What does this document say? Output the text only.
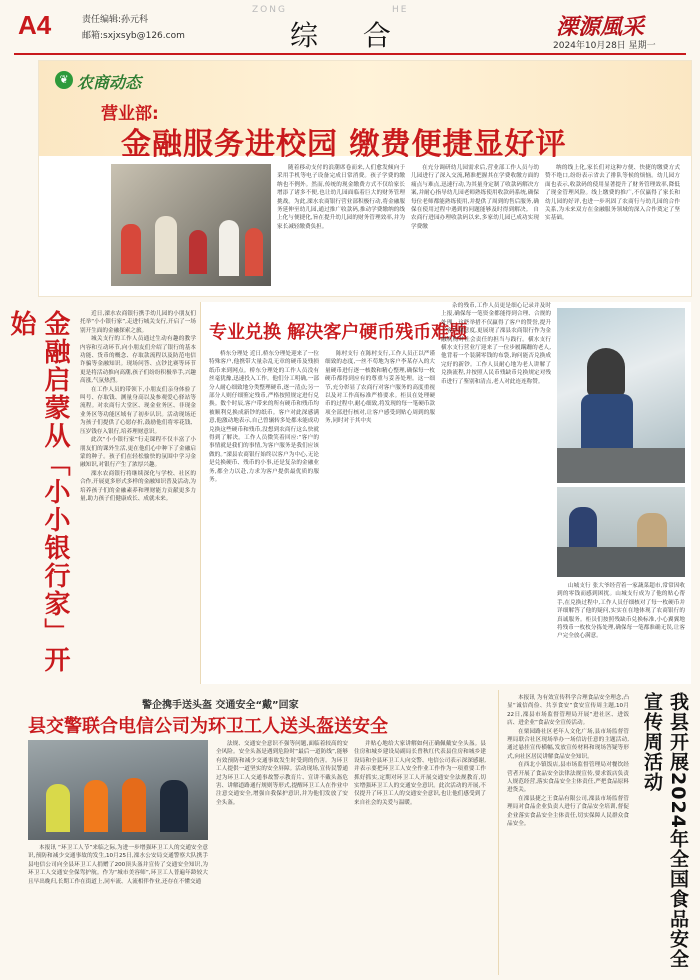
A4	责任编辑:孙元科
邮箱:sxjxsyb@126.com
ZONG	HE
综 合	溧源風采
2024年10月28日 星期一
❦ 农商动态
营业部:
金融服务进校园 缴费便捷显好评
随着移动支付的浪潮席卷而来,人们愈发倾向于采用手机等电子设备完成日常消费。孩子学费的缴纳也不例外。然而,传统的现金缴费方式不仅给家长增添了诸多不便,也让幼儿园面临着巨大的财务管理挑战。为此,溧水农商银行营业部积极行动,将金融服务延伸至幼儿园,通过推广收款码,推动学费缴纳的线上化与便捷化,旨在提升幼儿园的财务管理效率,并为家长减轻缴费负担。
在充分调研幼儿园需求后,营业部工作人员与幼儿园进行了深入交流,精准把握其在学费收缴方面的痛点与难点,迅速行动,为其量身定制了收款码解决方案,并耐心指导幼儿园老师熟练使用收款码系统,确保每位老师都能熟练使用,并提供了周到的售后服务,确保在使用过程中遇到的问题能够及时得到解决。 自农商行进园办理收款码以来,多家幼儿园已成功实现学费缴
纳的线上化,家长们对这种方便、快捷的缴费方式赞不绝口,纷纷表示省去了排队等候的烦恼。幼儿园方面也表示,收款码的使用显著提升了财务管理效率,降低了现金管理风险。线上缴费的推广,不仅赢得了家长和幼儿园的好评,也进一步巩固了农商行与幼儿园的合作关系,为未来双方在金融服务领域的深入合作奠定了坚实基础。
金融启蒙从「小小银行家」开始	近日,溧水农商银行携手幼儿园的小朋友们托举“小小银行家”,走进行城关支行,开启了一场别开生面的金融探索之旅。

城关支行的工作人员通过生动有趣的教学内容和互动环节,向小朋友们介绍了银行的基本功能、货币的概念、存取款流程以及防范电信诈骗等金融知识。现场问答、点钞比赛等环节更是将活动推向高潮,孩子们纷纷积极举手,兴趣高涨,气氛热烈。

在工作人员的带领下,小朋友们亲身体验了叫号、存取钱、测量身高以及参观爱心驿站等流程。对农商行大堂区、现金业务区、非现金业务区等功能区域有了初步认识。活动现场还为孩子们提供了心愿存折,鼓励他们将零花钱、压岁钱存入银行,培养理财意识。

此次“小小银行家”行走课程不仅丰富了小朋友们的课外生活,更在他们心中种下了金融启蒙的种子。孩子们在轻松愉快的氛围中学习金融知识,对银行产生了浓厚兴趣。

溧水农商银行将继续深化与学校、社区的合作,开展更多形式多样的金融知识普及活动,为培养孩子们的金融素养和理财能力贡献更多力量,助力孩子们健康成长、成就未来。

专业兑换 解决客户硬币残币难题
桥东分理处 近日,桥东分理处迎来了一位特殊客户,他携带大量杂乱无章的硬币及残损纸币来到网点。桥东分理处的工作人员没有丝毫犹豫,迅速投入工作。他们分工明确,一部分人耐心细致地分类整理硬币,逐一清点;另一部分人则仔细鉴定残币,严格按照规定进行兑换。数个时辰,客户带来的所有硬币和残币均被顺利兑换成新钞的纸币。客户对此深感满意,他激动地表示,自己曾辗转多处都未能成功兑换这些硬币和残币,没想到农商行这么快就得到了解决。工作人员微笑着回应:“客户的事情就是我们的事情,为客户服务是我们应该做的。”溧县农商银行始终以客户为中心,无论是兑换硬币、残币的小事,还是复杂的金融业务,都全力以赴,力求为客户提供最优质的服务。
陈村支行 在陈村支行,工作人员正以严谨细致的态度,一丝不苟地为客户李某存入的大量硬币进行逐一核数和精心整理,确保每一枚硬币都得到应有的尊重与妥善处理。这一细节,充分彰显了农商行对客户服务的高度重视以及对工作高标准严格要求。柜员在处理硬币的过程中,耐心细致,将发现的每一笔硬币款项全部进行核对,让客户感受到贴心周到的服务,同时对于其中夹
杂的残币,工作人员更是细心记录并及时上报,确保每一笔资金都能得到合理、合规的处理。这些举措不仅赢得了客户的赞誉,提升了客户满意度,更展现了溧县农商银行作为金融机构对社会责任的担当与践行。横水支行 横水支行营业厅迎来了一位步履蹒跚的老人,他背着一个装满零钱的布袋,询问能否兑换成完好的新钞。工作人员耐心地为老人讲解了兑换流程,并按照人民币残缺币兑换规定对残币进行了鉴别和清点,老人对此连连称赞。
山城支行 张大爷经营着一家蔬菜超市,常常因收到的零钱而感到困扰。山城支行成为了他的贴心帮手,在兑换过程中,工作人员仔细核对了每一枚硬币并详细解答了他的疑问,实实在在地体现了农商银行的真诚服务。柜员们按照残缺币兑换标准,小心翼翼地将残币一枚枚分拣处理,确保每一笔都准确无误,让客户完全放心满意。
警企携手送头盔 交通安全“戴”回家
县交警联合电信公司为环卫工人送头盔送安全
本报讯 “环卫工人节”来临之际,为进一步增强环卫工人的交通安全意识,预防和减少交通事故的发生,10月25日,溧水公安局交通警察大队携手县电信公司向全县环卫工人捐赠了200顶头盔并宣传了交通安全知识,为环卫工人交通安全保驾护航。作为“城市美容师”,环卫工人普遍年龄较大且早出晚归,长期工作在街道上,同车流、人流相伴作业,还存在不懂交通
法规、交通安全意识不强等问题,面临着较高的安全风险。安全头盔是遇到危险时“最后一道防线”,能够有效预防和减少交通事故发生时受到的伤害。为环卫工人提供一道坚实的安全屏障。活动现场,宣传民警通过为环卫工人交通事故警示教育片、宣讲不戴头盔危害、讲解道路通行规则等形式,提醒环卫工人在作业中注意交通安全,增强自我保护意识,并为他们发放了安全头盔。
并贴心地给大家讲解如何正确佩戴安全头盔。县住房和城乡建设局副局长曾秋红代表县住房和城乡建设局和全县环卫工人向交警、电信公司表示深深感谢,并表示要把环卫工人安全作业工作作为一项重要工作抓好抓实,定期对环卫工人开展交通安全法规教育,切实增强环卫工人的交通安全意识。此次活动的开展,不仅提升了环卫工人的交通安全意识,也让他们感受到了来自社会的关爱与温暖。

本报讯 为有效宣传科学合理食品安全理念,凸显“诚信尚俭、共享食安”食安宣传周主题,10月22日,溧县市场监督管理局开展“进社区、进饭店、进企业”食品安全宣传活动。

在栗园路社区老年人文化广场,县市场监督管理局联合社区现场举办一场信访任意的主题活动,通过悬挂宣传横幅,发放宣传材料和现场答疑等形式,向社区居民讲解食品安全知识。

在西北小镇饭店,县市场监督管理局对餐饮经营者开展了食品安全法律法规宣传,要求饭店负责人规范经营,落实食品安全主体责任,严把食品原料进货关。

在溧县捷之王食品有限公司,溧县市场监督管理局对食品企业负责人进行了食品安全培训,督促企业落实食品安全主体责任,切实保障人民群众食品安全。	我县开展2024年全国食品安全宣传周活动
